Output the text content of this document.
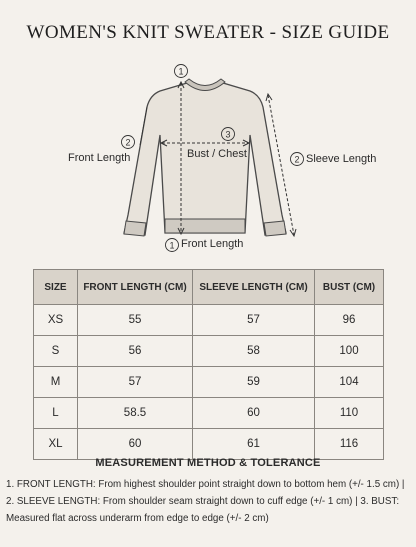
WOMEN'S KNIT SWEATER - SIZE GUIDE
1
2
3
2
1
Front Length	Bust / Chest	Sleeve Length
Front Length
SIZE	FRONT LENGTH (CM)	SLEEVE LENGTH (CM)	BUST (CM)
XS	55	57	96
S	56	58	100
M	57	59	104
L	58.5	60	110
XL	60	61	116
MEASUREMENT METHOD & TOLERANCE
1. FRONT LENGTH: From highest shoulder point straight down to bottom hem (+/- 1.5 cm) | 2. SLEEVE LENGTH: From shoulder seam straight down to cuff edge (+/- 1 cm) | 3. BUST: Measured flat across underarm from edge to edge (+/- 2 cm)
